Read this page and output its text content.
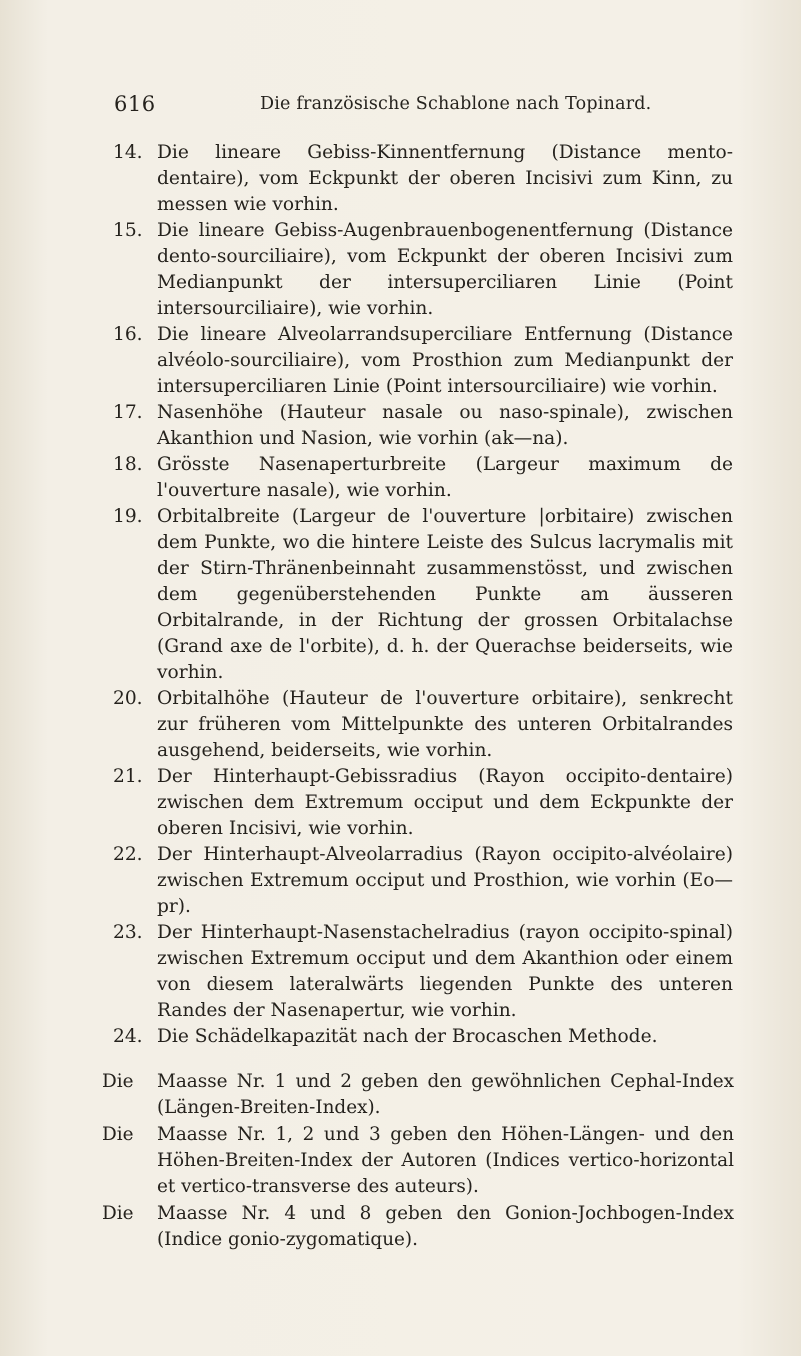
616	Die französische Schablone nach Topinard.

14. Die lineare Gebiss-Kinnentfernung (Distance mento-dentaire), vom Eckpunkt der oberen Incisivi zum Kinn, zu messen wie vorhin.

15. Die lineare Gebiss-Augenbrauenbogenentfernung (Distance dento-sourciliaire), vom Eckpunkt der oberen Incisivi zum Medianpunkt der intersuperciliaren Linie (Point intersourciliaire), wie vorhin.

16. Die lineare Alveolarrandsuperciliare Entfernung (Distance alvéolo-sourciliaire), vom Prosthion zum Medianpunkt der intersuperciliaren Linie (Point intersourciliaire) wie vorhin.

17. Nasenhöhe (Hauteur nasale ou naso-spinale), zwischen Akanthion und Nasion, wie vorhin (ak—na).

18. Grösste Nasenaperturbreite (Largeur maximum de l'ouverture nasale), wie vorhin.

19. Orbitalbreite (Largeur de l'ouverture |orbitaire) zwischen dem Punkte, wo die hintere Leiste des Sulcus lacrymalis mit der Stirn-Thränenbeinnaht zusammenstösst, und zwischen dem gegenüberstehenden Punkte am äusseren Orbitalrande, in der Richtung der grossen Orbitalachse (Grand axe de l'orbite), d. h. der Querachse beiderseits, wie vorhin.

20. Orbitalhöhe (Hauteur de l'ouverture orbitaire), senkrecht zur früheren vom Mittelpunkte des unteren Orbitalrandes ausgehend, beiderseits, wie vorhin.

21. Der Hinterhaupt-Gebissradius (Rayon occipito-dentaire) zwischen dem Extremum occiput und dem Eckpunkte der oberen Incisivi, wie vorhin.

22. Der Hinterhaupt-Alveolarradius (Rayon occipito-alvéolaire) zwischen Extremum occiput und Prosthion, wie vorhin (Eo—pr).

23. Der Hinterhaupt-Nasenstachelradius (rayon occipito-spinal) zwischen Extremum occiput und dem Akanthion oder einem von diesem lateralwärts liegenden Punkte des unteren Randes der Nasenapertur, wie vorhin.

24. Die Schädelkapazität nach der Brocaschen Methode.

Die Maasse Nr. 1 und 2 geben den gewöhnlichen Cephal-Index (Längen-Breiten-Index).

Die Maasse Nr. 1, 2 und 3 geben den Höhen-Längen- und den Höhen-Breiten-Index der Autoren (Indices vertico-horizontal et vertico-transverse des auteurs).

Die Maasse Nr. 4 und 8 geben den Gonion-Jochbogen-Index (Indice gonio-zygomatique).
